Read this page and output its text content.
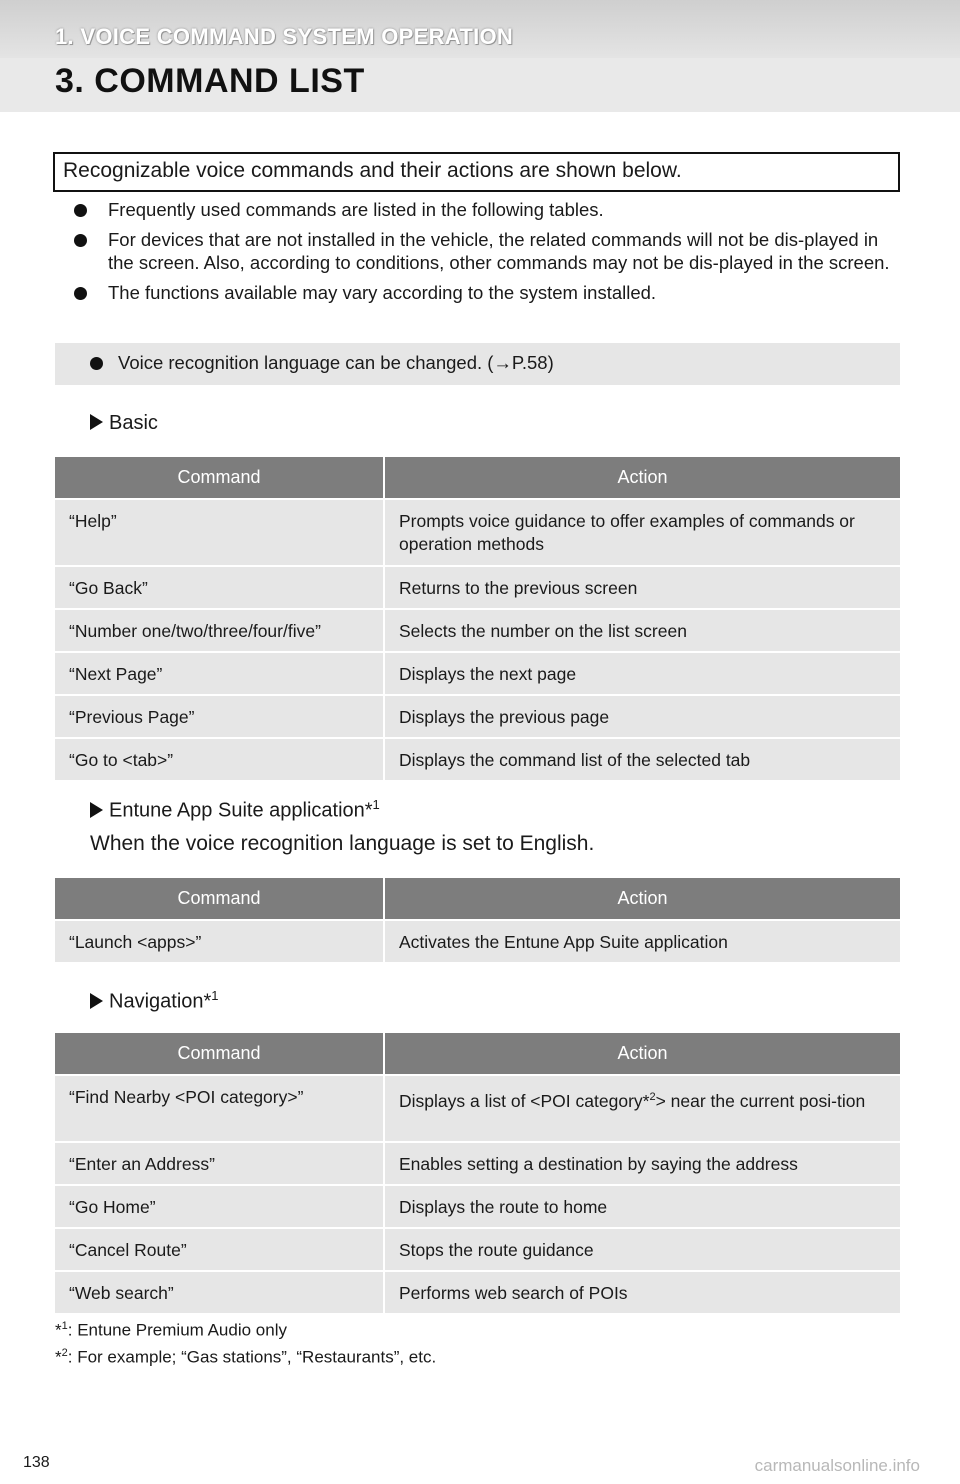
1. VOICE COMMAND SYSTEM OPERATION
3. COMMAND LIST
Recognizable voice commands and their actions are shown below.
Frequently used commands are listed in the following tables.
For devices that are not installed in the vehicle, the related commands will not be dis-played in the screen. Also, according to conditions, other commands may not be dis-played in the screen.
The functions available may vary according to the system installed.
Voice recognition language can be changed. (→P.58)
Basic
Command	Action
“Help”	Prompts voice guidance to offer examples of commands or operation methods
“Go Back”	Returns to the previous screen
“Number one/two/three/four/five”	Selects the number on the list screen
“Next Page”	Displays the next page
“Previous Page”	Displays the previous page
“Go to <tab>”	Displays the command list of the selected tab
Entune App Suite application*$^1$
When the voice recognition language is set to English.
Command	Action
“Launch <apps>”	Activates the Entune App Suite application
Navigation*$^1$
Command	Action
“Find Nearby <POI category>”	Displays a list of <POI category*$^2$> near the current posi-tion
“Enter an Address”	Enables setting a destination by saying the address
“Go Home”	Displays the route to home
“Cancel Route”	Stops the route guidance
“Web search”	Performs web search of POIs
*$^1$: Entune Premium Audio only
*$^2$: For example; “Gas stations”, “Restaurants”, etc.
138	carmanualsonline.info
